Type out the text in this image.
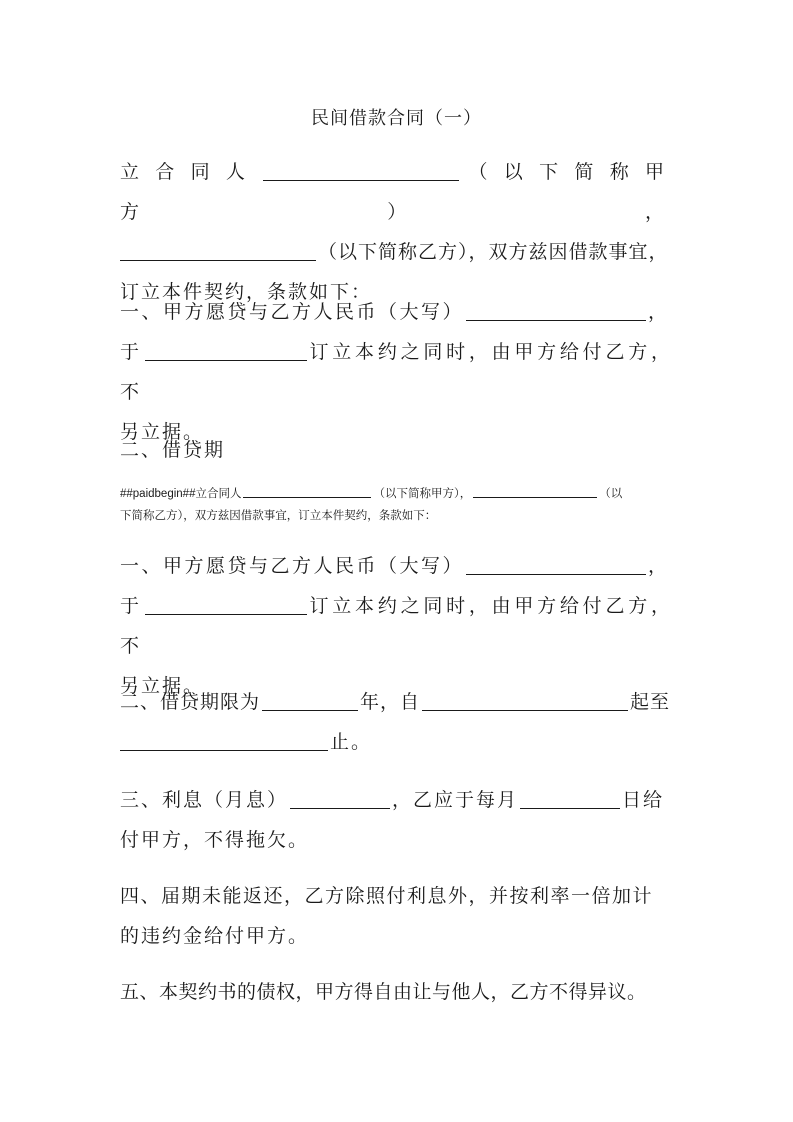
民间借款合同（一）
立合同人	（以下简称甲方），
（以下简称乙方），双方兹因借款事宜，
订立本件契约，条款如下：
一、甲方愿贷与乙方人民币（大写）	，
于	订立本约之同时，由甲方给付乙方，不
另立据。
二、借贷期
##paidbegin##立合同人	（以下简称甲方），	（以
下简称乙方），双方兹因借款事宜，订立本件契约，条款如下：
一、甲方愿贷与乙方人民币（大写）	，
于	订立本约之同时，由甲方给付乙方，不
另立据。
二、借贷期限为	年，自	起至
止。
三、利息（月息）	，乙应于每月	日给
付甲方，不得拖欠。
四、届期未能返还，乙方除照付利息外，并按利率一倍加计
的违约金给付甲方。
五、本契约书的债权，甲方得自由让与他人，乙方不得异议。
